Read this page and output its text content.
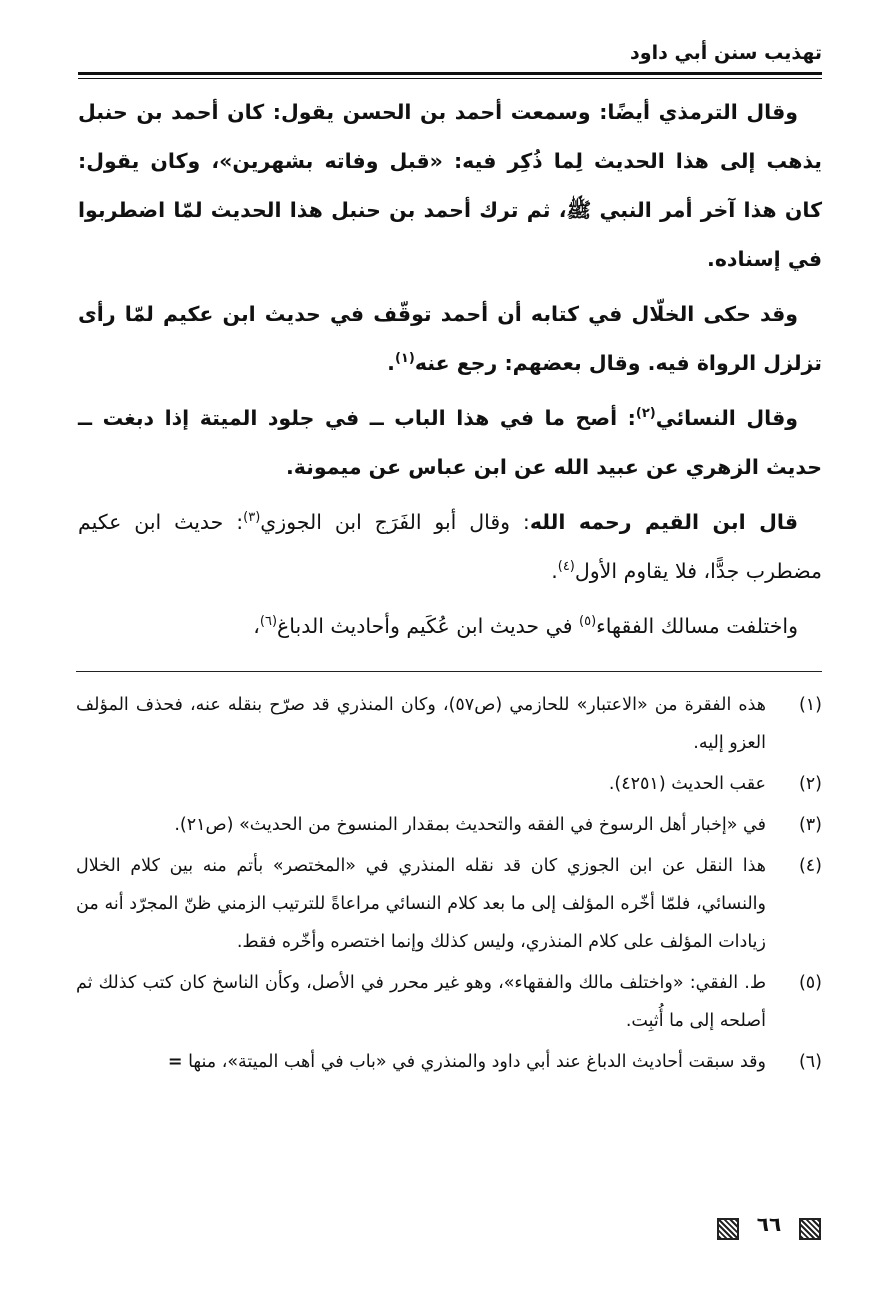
تهذيب سنن أبي داود

وقال الترمذي أيضًا: وسمعت أحمد بن الحسن يقول: كان أحمد بن حنبل يذهب إلى هذا الحديث لِما ذُكِر فيه: «قبل وفاته بشهرين»، وكان يقول: كان هذا آخر أمر النبي ﷺ، ثم ترك أحمد بن حنبل هذا الحديث لمّا اضطربوا في إسناده.

وقد حكى الخلّال في كتابه أن أحمد توقّف في حديث ابن عكيم لمّا رأى تزلزل الرواة فيه. وقال بعضهم: رجع عنه$^{(١)}$.

وقال النسائي$^{(٢)}$: أصح ما في هذا الباب ــ في جلود الميتة إذا دبغت ــ حديث الزهري عن عبيد الله عن ابن عباس عن ميمونة.

قال ابن القيم رحمه الله: وقال أبو الفَرَج ابن الجوزي$^{(٣)}$: حديث ابن عكيم مضطرب جدًّا، فلا يقاوم الأول$^{(٤)}$.

واختلفت مسالك الفقهاء$^{(٥)}$ في حديث ابن عُكَيم وأحاديث الدباغ$^{(٦)}$،

(١)
هذه الفقرة من «الاعتبار» للحازمي (ص٥٧)، وكان المنذري قد صرّح بنقله عنه، فحذف المؤلف العزو إليه.

(٢)
عقب الحديث (٤٢٥١).

(٣)
في «إخبار أهل الرسوخ في الفقه والتحديث بمقدار المنسوخ من الحديث» (ص٢١).

(٤)
هذا النقل عن ابن الجوزي كان قد نقله المنذري في «المختصر» بأتم منه بين كلام الخلال والنسائي، فلمّا أخّره المؤلف إلى ما بعد كلام النسائي مراعاةً للترتيب الزمني ظنّ المجرّد أنه من زيادات المؤلف على كلام المنذري، وليس كذلك وإنما اختصره وأخّره فقط.

(٥)
ط. الفقي: «واختلف مالك والفقهاء»، وهو غير محرر في الأصل، وكأن الناسخ كان كتب كذلك ثم أصلحه إلى ما أُثبِت.

(٦)
وقد سبقت أحاديث الدباغ عند أبي داود والمنذري في «باب في أهب الميتة»، منها =

٦٦
